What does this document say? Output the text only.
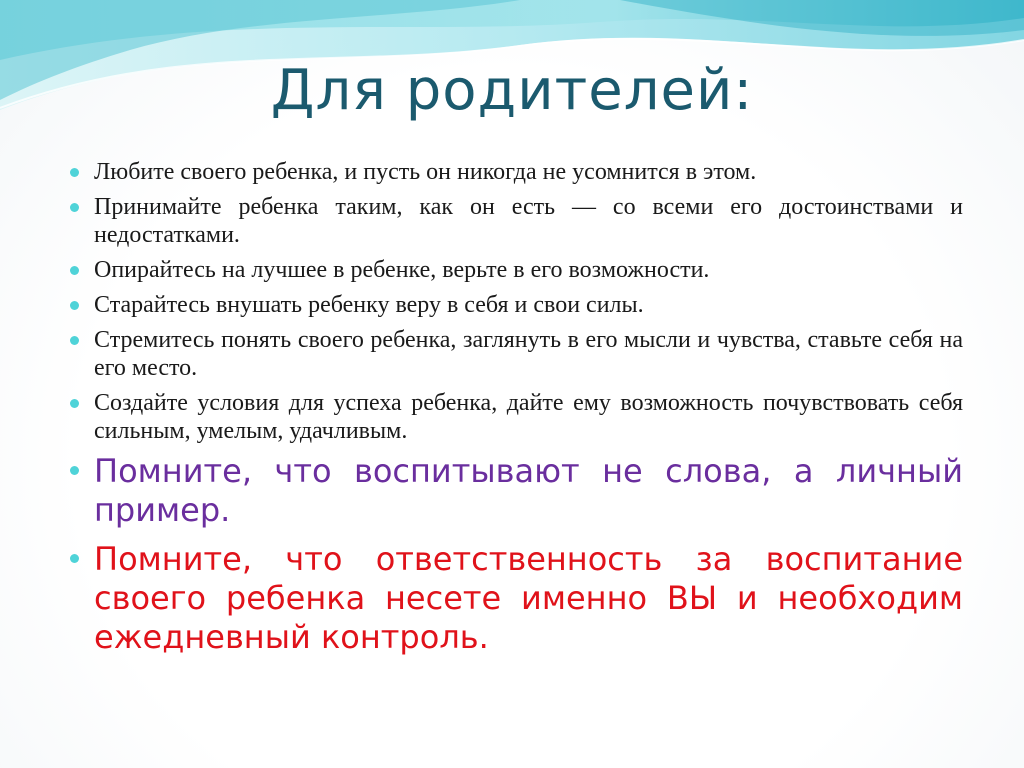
Для родителей:
Любите своего ребенка, и пусть он никогда не усомнится в этом.
Принимайте ребенка таким, как он есть — со всеми его достоинствами и недостатками.
Опирайтесь на лучшее в ребенке, верьте в его возможности.
Старайтесь внушать ребенку веру в себя и свои силы.
Стремитесь понять своего ребенка, заглянуть в его мысли и чувства, ставьте себя на его место.
Создайте условия для успеха ребенка, дайте ему возможность почувствовать себя сильным, умелым, удачливым.
Помните, что воспитывают не слова, а личный пример.
Помните, что ответственность за воспитание своего ребенка несете именно ВЫ и необходим ежедневный контроль.
